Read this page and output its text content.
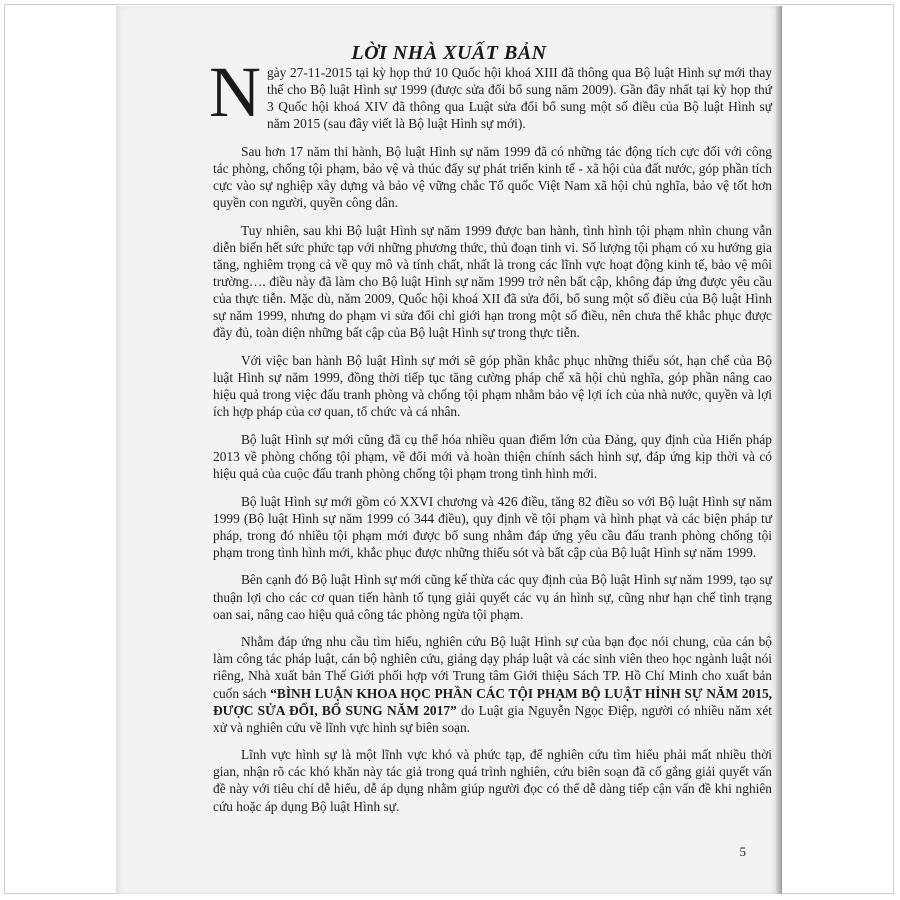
LỜI NHÀ XUẤT BẢN

Ngày 27-11-2015 tại kỳ họp thứ 10 Quốc hội khoá XIII đã thông qua Bộ luật Hình sự mới thay thế cho Bộ luật Hình sự 1999 (được sửa đổi bổ sung năm 2009). Gần đây nhất tại kỳ họp thứ 3 Quốc hội khoá XIV đã thông qua Luật sửa đổi bổ sung một số điều của Bộ luật Hình sự năm 2015 (sau đây viết là Bộ luật Hình sự mới).

Sau hơn 17 năm thi hành, Bộ luật Hình sự năm 1999 đã có những tác động tích cực đối với công tác phòng, chống tội phạm, bảo vệ và thúc đẩy sự phát triển kinh tế - xã hội của đất nước, góp phần tích cực vào sự nghiệp xây dựng và bảo vệ vững chắc Tổ quốc Việt Nam xã hội chủ nghĩa, bảo vệ tốt hơn quyền con người, quyền công dân.

Tuy nhiên, sau khi Bộ luật Hình sự năm 1999 được ban hành, tình hình tội phạm nhìn chung vẫn diễn biến hết sức phức tạp với những phương thức, thủ đoạn tinh vi. Số lượng tội phạm có xu hướng gia tăng, nghiêm trọng cả về quy mô và tính chất, nhất là trong các lĩnh vực hoạt động kinh tế, bảo vệ môi trường…. điều này đã làm cho Bộ luật Hình sự năm 1999 trở nên bất cập, không đáp ứng được yêu cầu của thực tiễn. Mặc dù, năm 2009, Quốc hội khoá XII đã sửa đổi, bổ sung một số điều của Bộ luật Hình sự năm 1999, nhưng do phạm vi sửa đổi chỉ giới hạn trong một số điều, nên chưa thể khắc phục được đầy đủ, toàn diện những bất cập của Bộ luật Hình sự trong thực tiễn.

Với việc ban hành Bộ luật Hình sự mới sẽ góp phần khắc phục những thiếu sót, hạn chế của Bộ luật Hình sự năm 1999, đồng thời tiếp tục tăng cường pháp chế xã hội chủ nghĩa, góp phần nâng cao hiệu quả trong việc đấu tranh phòng và chống tội phạm nhằm bảo vệ lợi ích của nhà nước, quyền và lợi ích hợp pháp của cơ quan, tổ chức và cá nhân.

Bộ luật Hình sự mới cũng đã cụ thể hóa nhiều quan điểm lớn của Đảng, quy định của Hiến pháp 2013 về phòng chống tội phạm, về đổi mới và hoàn thiện chính sách hình sự, đáp ứng kịp thời và có hiệu quả của cuộc đấu tranh phòng chống tội phạm trong tình hình mới.

Bộ luật Hình sự mới gồm có XXVI chương và 426 điều, tăng 82 điều so với Bộ luật Hình sự năm 1999 (Bộ luật Hình sự năm 1999 có 344 điều), quy định về tội phạm và hình phạt và các biện pháp tư pháp, trong đó nhiều tội phạm mới được bổ sung nhằm đáp ứng yêu cầu đấu tranh phòng chống tội phạm trong tình hình mới, khắc phục được những thiếu sót và bất cập của Bộ luật Hình sự năm 1999.

Bên cạnh đó Bộ luật Hình sự mới cũng kế thừa các quy định của Bộ luật Hình sự năm 1999, tạo sự thuận lợi cho các cơ quan tiến hành tố tụng giải quyết các vụ án hình sự, cũng như hạn chế tình trạng oan sai, nâng cao hiệu quả công tác phòng ngừa tội phạm.

Nhằm đáp ứng nhu cầu tìm hiểu, nghiên cứu Bộ luật Hình sự của bạn đọc nói chung, của cán bộ làm công tác pháp luật, cán bộ nghiên cứu, giảng dạy pháp luật và các sinh viên theo học ngành luật nói riêng, Nhà xuất bản Thế Giới phối hợp với Trung tâm Giới thiệu Sách TP. Hồ Chí Minh cho xuất bản cuốn sách “BÌNH LUẬN KHOA HỌC PHẦN CÁC TỘI PHẠM BỘ LUẬT HÌNH SỰ NĂM 2015, ĐƯỢC SỬA ĐỔI, BỔ SUNG NĂM 2017” do Luật gia Nguyễn Ngọc Điệp, người có nhiều năm xét xử và nghiên cứu về lĩnh vực hình sự biên soạn.

Lĩnh vực hình sự là một lĩnh vực khó và phức tạp, để nghiên cứu tìm hiểu phải mất nhiều thời gian, nhận rõ các khó khăn này tác giả trong quá trình nghiên, cứu biên soạn đã cố gắng giải quyết vấn đề này với tiêu chí dễ hiểu, dễ áp dụng nhằm giúp người đọc có thể dễ dàng tiếp cận vấn đề khi nghiên cứu hoặc áp dụng Bộ luật Hình sự.

5
